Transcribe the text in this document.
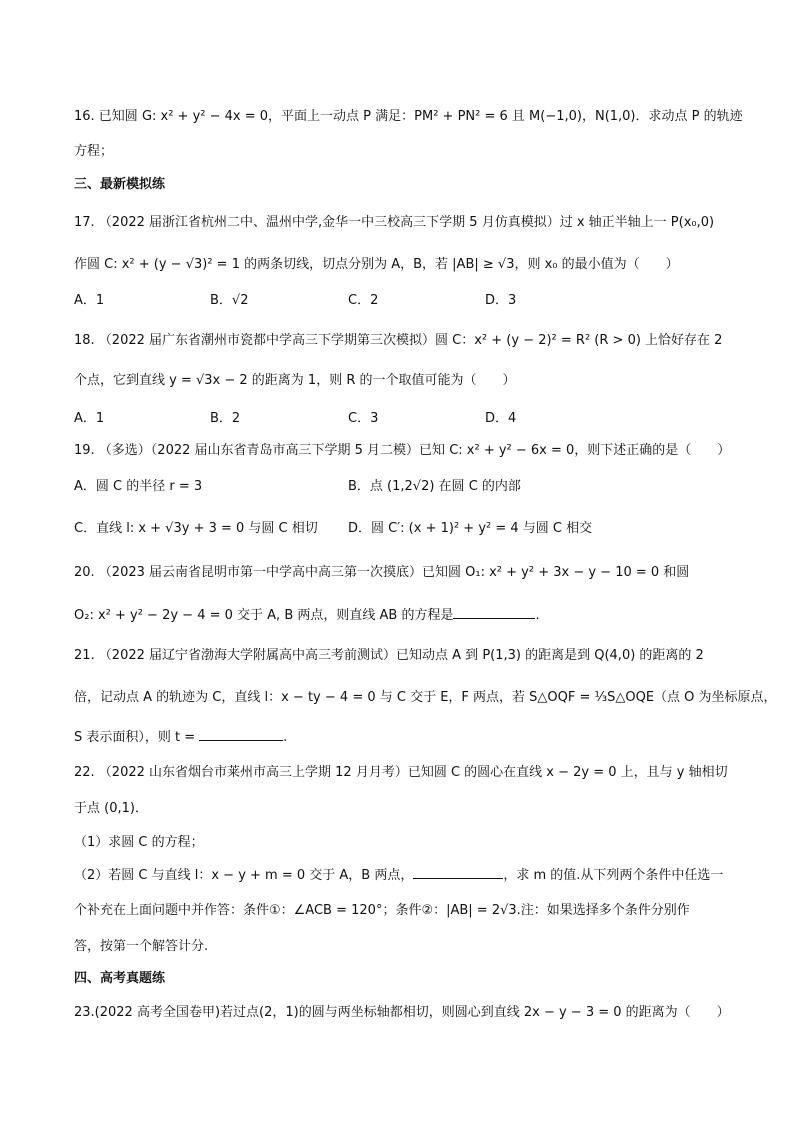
16. 已知圆 G: x² + y² − 4x = 0，平面上一动点 P 满足：PM² + PN² = 6 且 M(−1,0)，N(1,0)．求动点 P 的轨迹
方程；
三、最新模拟练
17. （2022 届浙江省杭州二中、温州中学,金华一中三校高三下学期 5 月仿真模拟）过 x 轴正半轴上一 P(x₀,0)
作圆 C: x² + (y − √3)² = 1 的两条切线，切点分别为 A，B，若 |AB| ≥ √3，则 x₀ 的最小值为（　　）
A．1	B．√2	C．2	D．3
18. （2022 届广东省潮州市瓷都中学高三下学期第三次模拟）圆 C：x² + (y − 2)² = R² (R > 0) 上恰好存在 2
个点，它到直线 y = √3x − 2 的距离为 1，则 R 的一个取值可能为（　　）
A．1	B．2	C．3	D．4
19. （多选）（2022 届山东省青岛市高三下学期 5 月二模）已知 C: x² + y² − 6x = 0，则下述正确的是（　　）
A．圆 C 的半径 r = 3	B．点 (1,2√2) 在圆 C 的内部
C．直线 l: x + √3y + 3 = 0 与圆 C 相切 D．圆 C′: (x + 1)² + y² = 4 与圆 C 相交
20. （2023 届云南省昆明市第一中学高中高三第一次摸底）已知圆 O₁: x² + y² + 3x − y − 10 = 0 和圆
O₂: x² + y² − 2y − 4 = 0 交于 A, B 两点，则直线 AB 的方程是	.
21. （2022 届辽宁省渤海大学附属高中高三考前测试）已知动点 A 到 P(1,3) 的距离是到 Q(4,0) 的距离的 2
倍，记动点 A 的轨迹为 C，直线 l：x − ty − 4 = 0 与 C 交于 E，F 两点，若 S△OQF = ⅓S△OQE（点 O 为坐标原点，
S 表示面积），则 t =	.
22. （2022 山东省烟台市莱州市高三上学期 12 月月考）已知圆 C 的圆心在直线 x − 2y = 0 上，且与 y 轴相切
于点 (0,1)．
（1）求圆 C 的方程；
（2）若圆 C 与直线 l：x − y + m = 0 交于 A，B 两点，	，求 m 的值.从下列两个条件中任选一
个补充在上面问题中并作答：条件①：∠ACB = 120°；条件②：|AB| = 2√3.注：如果选择多个条件分别作
答，按第一个解答计分.
四、高考真题练
23.(2022 高考全国卷甲)若过点(2，1)的圆与两坐标轴都相切，则圆心到直线 2x − y − 3 = 0 的距离为（　　）
